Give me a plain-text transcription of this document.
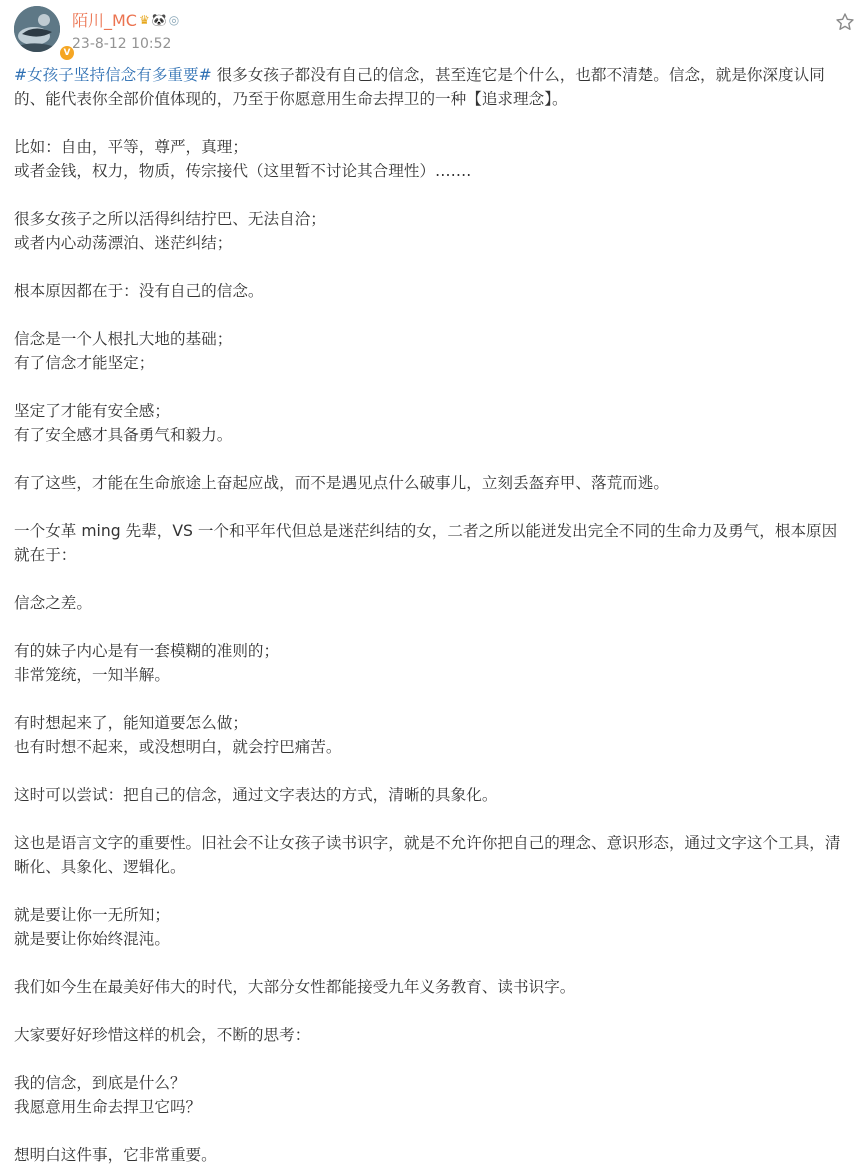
V
陌川_MC ♛ 🐼 ◎
23-8-12 10:52

#女孩子坚持信念有多重要# 很多女孩子都没有自己的信念，甚至连它是个什么，也都不清楚。信念，就是你深度认同的、能代表你全部价值体现的，乃至于你愿意用生命去捍卫的一种【追求理念】。

比如：自由，平等，尊严，真理；

或者金钱，权力，物质，传宗接代（这里暂不讨论其合理性）…….

很多女孩子之所以活得纠结拧巴、无法自洽；

或者内心动荡漂泊、迷茫纠结；

根本原因都在于：没有自己的信念。

信念是一个人根扎大地的基础；

有了信念才能坚定；

坚定了才能有安全感；

有了安全感才具备勇气和毅力。

有了这些，才能在生命旅途上奋起应战，而不是遇见点什么破事儿，立刻丢盔弃甲、落荒而逃。

一个女革 ming 先辈，VS 一个和平年代但总是迷茫纠结的女，二者之所以能迸发出完全不同的生命力及勇气，根本原因就在于：

信念之差。

有的妹子内心是有一套模糊的准则的；

非常笼统，一知半解。

有时想起来了，能知道要怎么做；

也有时想不起来，或没想明白，就会拧巴痛苦。

这时可以尝试：把自己的信念，通过文字表达的方式，清晰的具象化。

这也是语言文字的重要性。旧社会不让女孩子读书识字，就是不允许你把自己的理念、意识形态，通过文字这个工具，清晰化、具象化、逻辑化。

就是要让你一无所知；

就是要让你始终混沌。

我们如今生在最美好伟大的时代，大部分女性都能接受九年义务教育、读书识字。

大家要好好珍惜这样的机会，不断的思考：

我的信念，到底是什么？

我愿意用生命去捍卫它吗？

想明白这件事，它非常重要。
